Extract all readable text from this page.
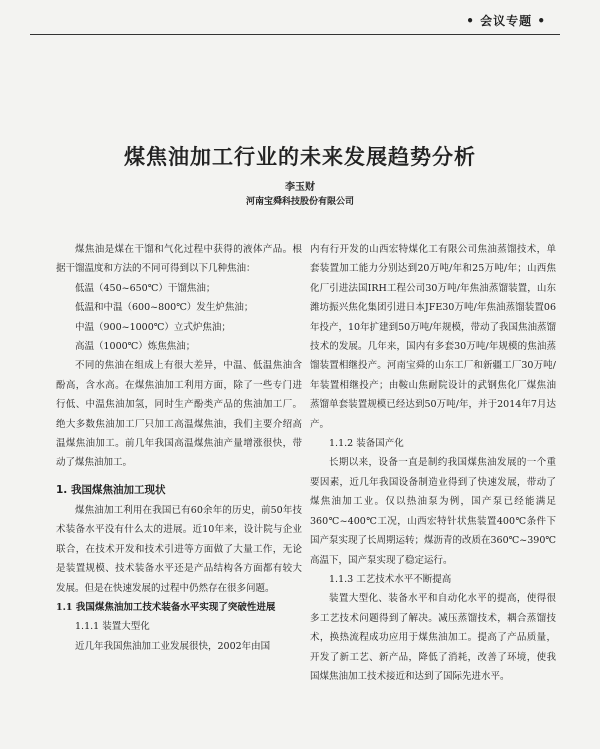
• 会议专题 •
煤焦油加工行业的未来发展趋势分析
李玉财
河南宝舜科技股份有限公司

煤焦油是煤在干馏和气化过程中获得的液体产品。根据干馏温度和方法的不同可得到以下几种焦油：

低温（450~650℃）干馏焦油；

低温和中温（600~800℃）发生炉焦油；

中温（900~1000℃）立式炉焦油；

高温（1000℃）炼焦焦油；

不同的焦油在组成上有很大差异，中温、低温焦油含酚高，含水高。在煤焦油加工利用方面，除了一些专门进行低、中温焦油加氢，同时生产酚类产品的焦油加工厂。绝大多数焦油加工厂只加工高温煤焦油，我们主要介绍高温煤焦油加工。前几年我国高温煤焦油产量增涨很快，带动了煤焦油加工。

1. 我国煤焦油加工现状

煤焦油加工利用在我国已有60余年的历史，前50年技术装备水平没有什么太的进展。近10年来，设计院与企业联合，在技术开发和技术引进等方面做了大量工作，无论是装置规模、技术装备水平还是产品结构各方面都有较大发展。但是在快速发展的过程中仍然存在很多问题。

1.1 我国煤焦油加工技术装备水平实现了突破性进展

1.1.1 装置大型化

近几年我国焦油加工业发展很快，2002年由国

内有行开发的山西宏特煤化工有限公司焦油蒸馏技术，单套装置加工能力分别达到20万吨/年和25万吨/年；山西焦化厂引进法国IRH工程公司30万吨/年焦油蒸馏装置，山东潍坊振兴焦化集团引进日本JFE30万吨/年焦油蒸馏装置06年投产，10年扩建到50万吨/年规模，带动了我国焦油蒸馏技术的发展。几年来，国内有多套30万吨/年规模的焦油蒸馏装置相继投产。河南宝舜的山东工厂和新疆工厂30万吨/年装置相继投产；由鞍山焦耐院设计的武钢焦化厂煤焦油蒸馏单套装置规模已经达到50万吨/年，并于2014年7月达产。

1.1.2 装备国产化

长期以来，设备一直是制约我国煤焦油发展的一个重要因素，近几年我国设备制造业得到了快速发展，带动了煤焦油加工业。仅以热油泵为例，国产泵已经能满足360℃~400℃工况，山西宏特针状焦装置400℃条件下国产泵实现了长周期运转；煤沥青的改质在360℃~390℃高温下，国产泵实现了稳定运行。

1.1.3 工艺技术水平不断提高

装置大型化、装备水平和自动化水平的提高，使得很多工艺技术问题得到了解决。减压蒸馏技术，耦合蒸馏技术，换热流程成功应用于煤焦油加工。提高了产品质量，开发了新工艺、新产品，降低了消耗，改善了环境，使我国煤焦油加工技术接近和达到了国际先进水平。
